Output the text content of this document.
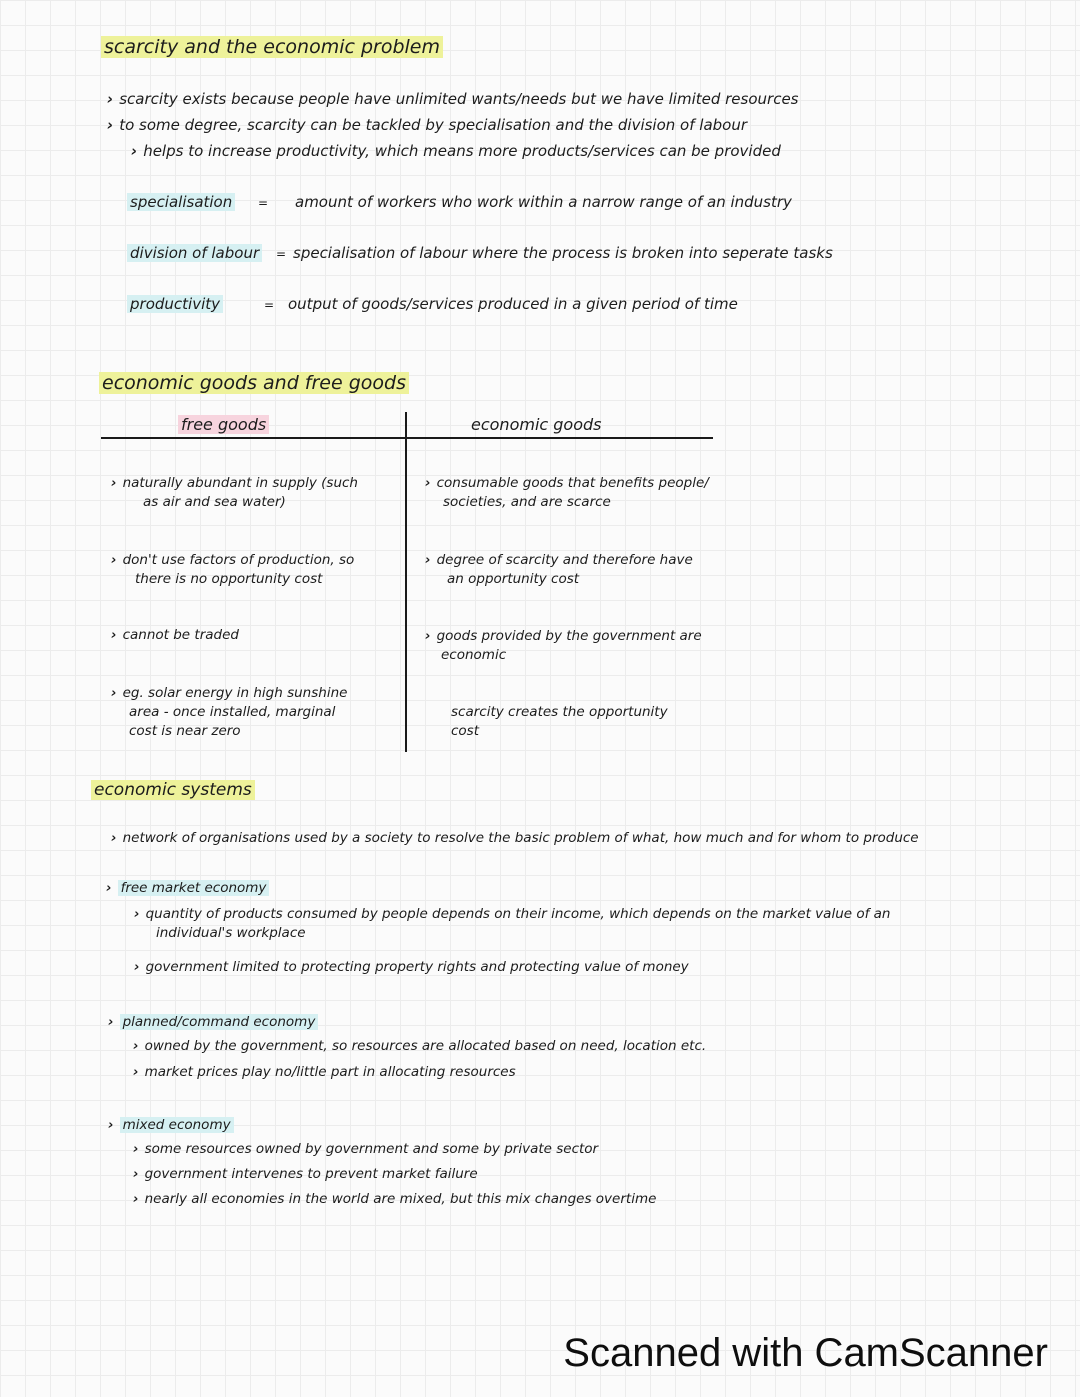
scarcity and the economic problem
› scarcity exists because people have unlimited wants/needs but we have limited resources
› to some degree, scarcity can be tackled by specialisation and the division of labour
› helps to increase productivity, which means more products/services can be provided
specialisation = amount of workers who work within a narrow range of an industry
division of labour = specialisation of labour where the process is broken into seperate tasks
productivity	= output of goods/services produced in a given period of time
economic goods and free goods
free goods	economic goods
› naturally abundant in supply (such
as air and sea water)
› don't use factors of production, so
there is no opportunity cost
› cannot be traded
› eg. solar energy in high sunshine
area - once installed, marginal
cost is near zero
› consumable goods that benefits people/
societies, and are scarce
› degree of scarcity and therefore have
an opportunity cost
› goods provided by the government are
economic
scarcity creates the opportunity
cost
economic systems
› network of organisations used by a society to resolve the basic problem of what, how much and for whom to produce
› free market economy
› quantity of products consumed by people depends on their income, which depends on the market value of an
individual's workplace
› government limited to protecting property rights and protecting value of money
› planned/command economy
› owned by the government, so resources are allocated based on need, location etc.
› market prices play no/little part in allocating resources
› mixed economy
› some resources owned by government and some by private sector
› government intervenes to prevent market failure
› nearly all economies in the world are mixed, but this mix changes overtime
Scanned with CamScanner
